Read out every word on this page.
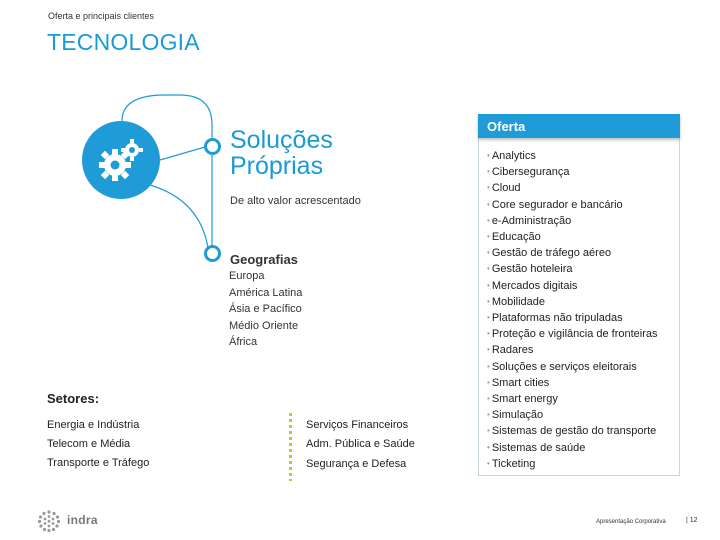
Oferta e principais clientes
TECNOLOGIA
Soluções Próprias
De alto valor acrescentado
Geografias
Europa
América Latina
Ásia e Pacífico
Médio Oriente
África
Setores:
Energia e Indústria
Telecom e Média
Transporte e Tráfego
Serviços Financeiros
Adm. Pública e Saúde
Segurança e Defesa
Oferta
• Analytics
• Cibersegurança
• Cloud
• Core segurador e bancário
• e-Administração
• Educação
• Gestão de tráfego aéreo
• Gestão hoteleira
• Mercados digitais
• Mobilidade
• Plataformas não tripuladas
• Proteção e vigilância de fronteiras
• Radares
• Soluções e serviços eleitorais
• Smart cities
• Smart energy
• Simulação
• Sistemas de gestão do transporte
• Sistemas de saúde
• Ticketing
indra	Apresentação Corporativa	| 12
